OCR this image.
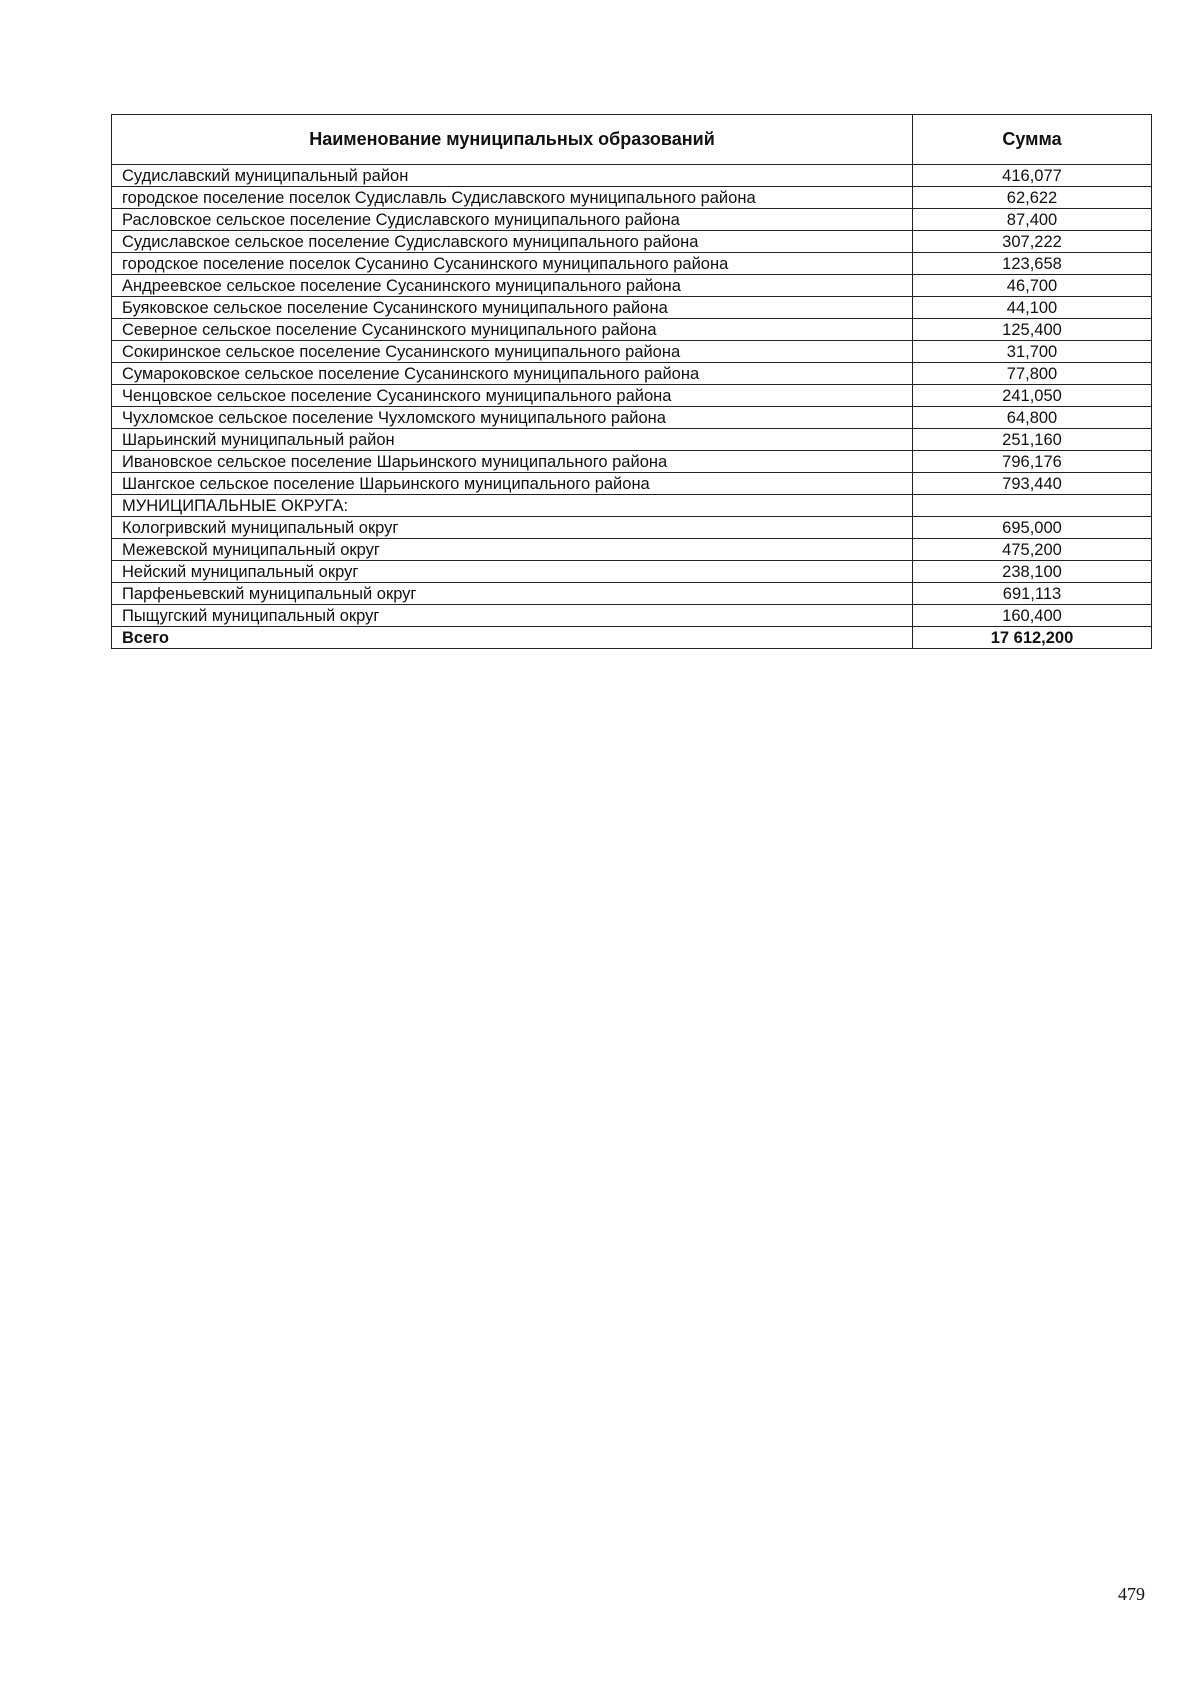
Наименование муниципальных образований	Сумма
Судиславский муниципальный район	416,077
городское поселение поселок Судиславль Судиславского муниципального района	62,622
Расловское сельское поселение Судиславского муниципального района	87,400
Судиславское сельское поселение Судиславского муниципального района	307,222
городское поселение поселок Сусанино Сусанинского муниципального района	123,658
Андреевское сельское поселение Сусанинского муниципального района	46,700
Буяковское сельское поселение Сусанинского муниципального района	44,100
Северное сельское поселение Сусанинского муниципального района	125,400
Сокиринское сельское поселение Сусанинского муниципального района	31,700
Сумароковское сельское поселение Сусанинского муниципального района	77,800
Ченцовское сельское поселение Сусанинского муниципального района	241,050
Чухломское сельское поселение Чухломского муниципального района	64,800
Шарьинский муниципальный район	251,160
Ивановское сельское поселение Шарьинского муниципального района	796,176
Шангское сельское поселение Шарьинского муниципального района	793,440
МУНИЦИПАЛЬНЫЕ ОКРУГА:	
Кологривский муниципальный округ	695,000
Межевской муниципальный округ	475,200
Нейский муниципальный округ	238,100
Парфеньевский муниципальный округ	691,113
Пыщугский муниципальный округ	160,400
Всего	17 612,200
479
